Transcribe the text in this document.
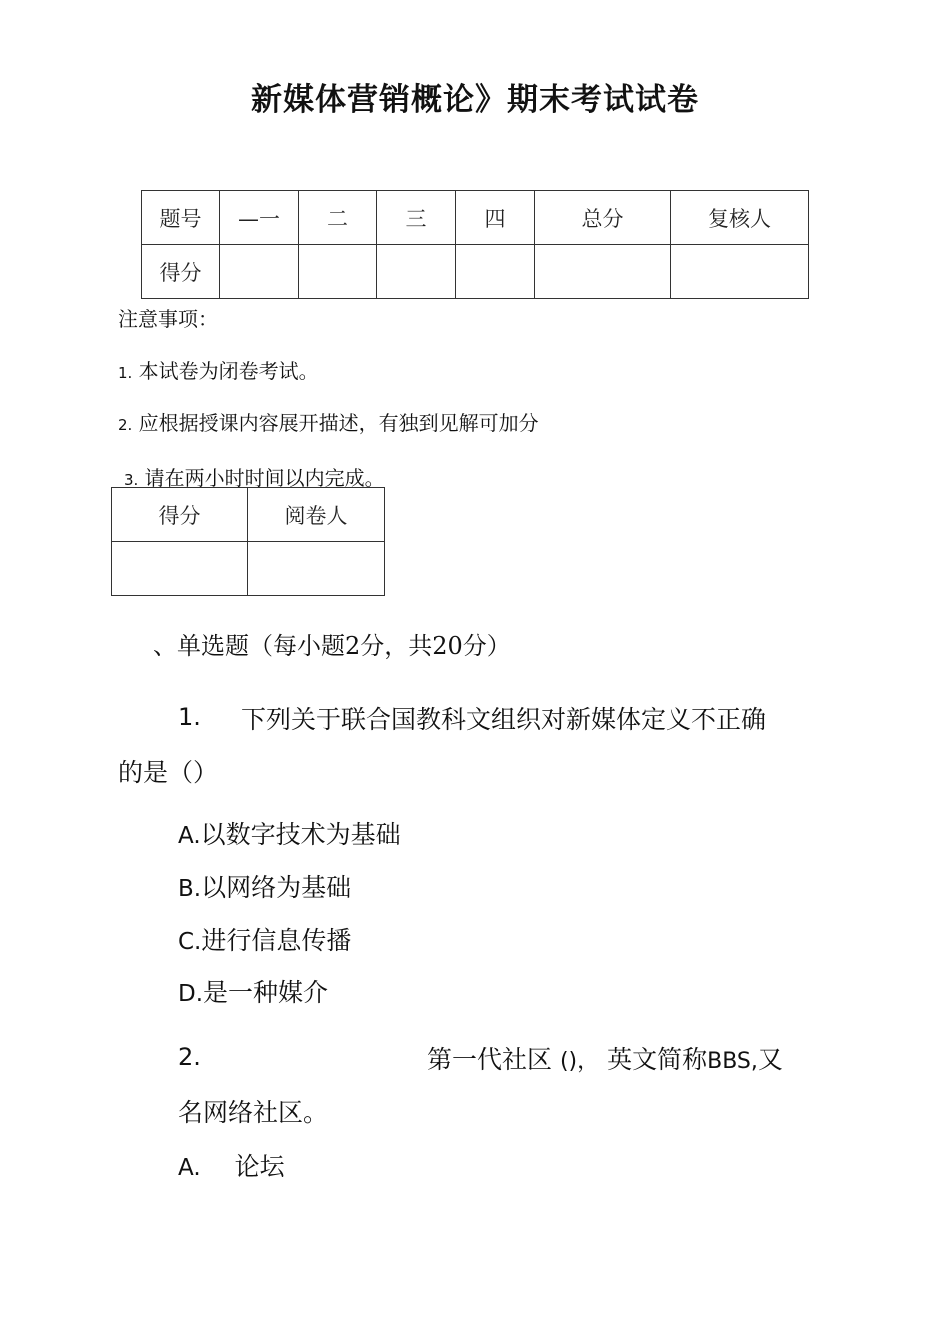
新媒体营销概论》期末考试试卷
题号	—一	二	三	四	总分	复核人
得分						
注意事项：
1. 本试卷为闭卷考试。
2. 应根据授课内容展开描述，有独到见解可加分
3. 请在两小时时间以内完成。
得分	阅卷人

、单选题（每小题2分，共20分）
1. 下列关于联合国教科文组织对新媒体定义不正确
的是（）
A.以数字技术为基础
B.以网络为基础
C.进行信息传播
D.是一种媒介
2.	第一代社区 ()， 英文简称BBS,又
名网络社区。
A. 论坛
